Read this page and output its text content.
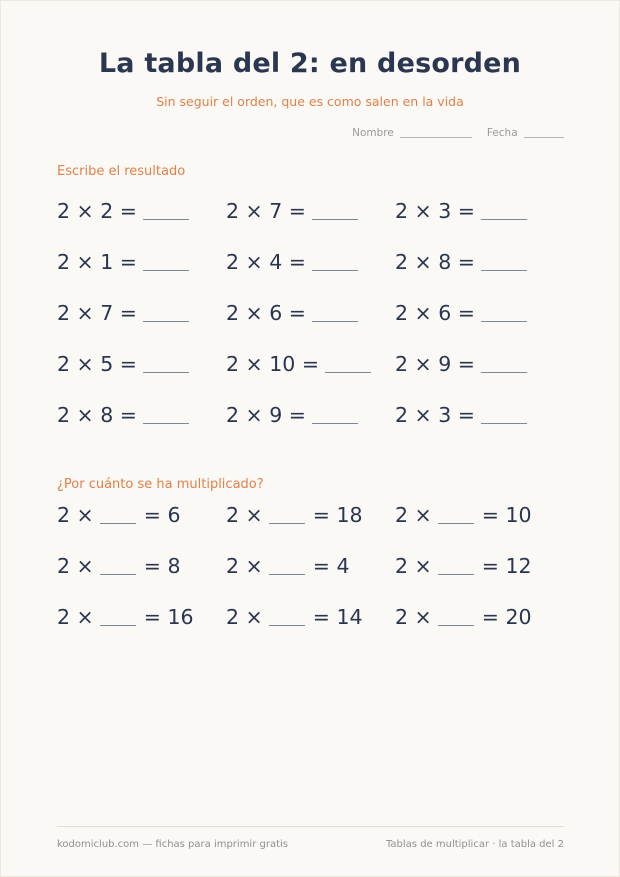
La tabla del 2: en desorden
Sin seguir el orden, que es como salen en la vida
Nombre	Fecha
Escribe el resultado
2 × 2 =	2 × 7 =	2 × 3 =
2 × 1 =	2 × 4 =	2 × 8 =
2 × 7 =	2 × 6 =	2 × 6 =
2 × 5 =	2 × 10 =	2 × 9 =
2 × 8 =	2 × 9 =	2 × 3 =
¿Por cuánto se ha multiplicado?
2 × = 6 2 × = 18 2 × = 10
2 × = 8 2 × = 4 2 × = 12
2 × = 16 2 × = 14 2 × = 20
kodomiclub.com — fichas para imprimir gratis	Tablas de multiplicar · la tabla del 2
